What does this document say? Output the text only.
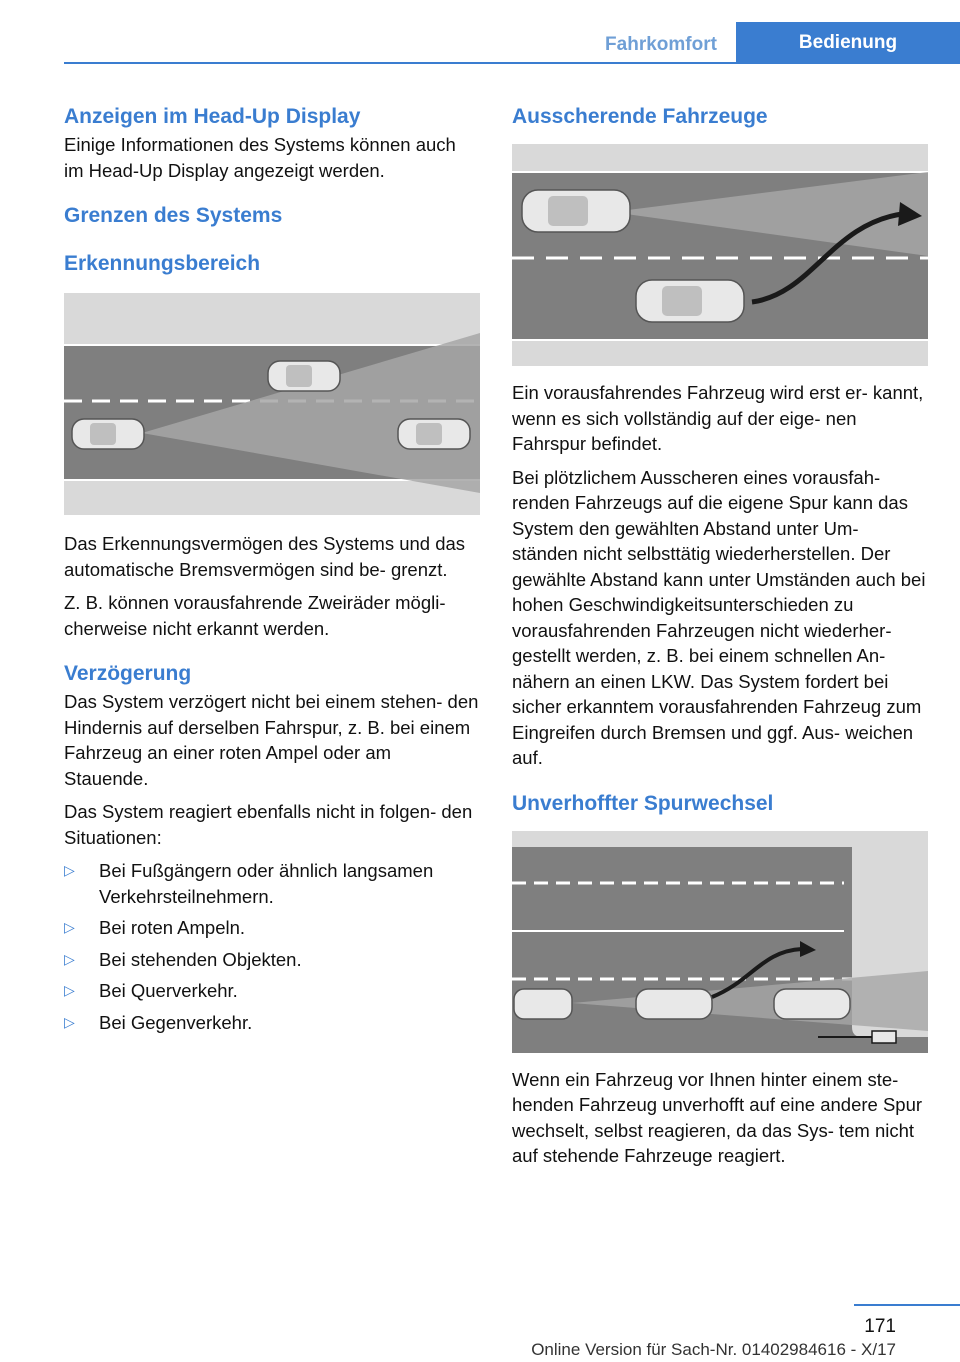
Fahrkomfort	Bedienung
Anzeigen im Head-Up Display

Einige Informationen des Systems können auch im Head-Up Display angezeigt werden.

Grenzen des Systems
Erkennungsbereich

Das Erkennungsvermögen des Systems und das automatische Bremsvermögen sind be‐ grenzt.

Z. B. können vorausfahrende Zweiräder mögli‐ cherweise nicht erkannt werden.

Verzögerung

Das System verzögert nicht bei einem stehen‐ den Hindernis auf derselben Fahrspur, z. B. bei einem Fahrzeug an einer roten Ampel oder am Stauende.

Das System reagiert ebenfalls nicht in folgen‐ den Situationen:

▷ Bei Fußgängern oder ähnlich langsamen Verkehrsteilnehmern.
▷ Bei roten Ampeln.
▷ Bei stehenden Objekten.
▷ Bei Querverkehr.
▷ Bei Gegenverkehr.
Ausscherende Fahrzeuge

Ein vorausfahrendes Fahrzeug wird erst er‐ kannt, wenn es sich vollständig auf der eige‐ nen Fahrspur befindet.

Bei plötzlichem Ausscheren eines vorausfah‐ renden Fahrzeugs auf die eigene Spur kann das System den gewählten Abstand unter Um‐ ständen nicht selbsttätig wiederherstellen. Der gewählte Abstand kann unter Umständen auch bei hohen Geschwindigkeitsunterschieden zu vorausfahrenden Fahrzeugen nicht wiederher‐ gestellt werden, z. B. bei einem schnellen An‐ nähern an einen LKW. Das System fordert bei sicher erkanntem vorausfahrenden Fahrzeug zum Eingreifen durch Bremsen und ggf. Aus‐ weichen auf.

Unverhoffter Spurwechsel

Wenn ein Fahrzeug vor Ihnen hinter einem ste‐ henden Fahrzeug unverhofft auf eine andere Spur wechselt, selbst reagieren, da das Sys‐ tem nicht auf stehende Fahrzeuge reagiert.

171
Online Version für Sach-Nr. 01402984616 - X/17
